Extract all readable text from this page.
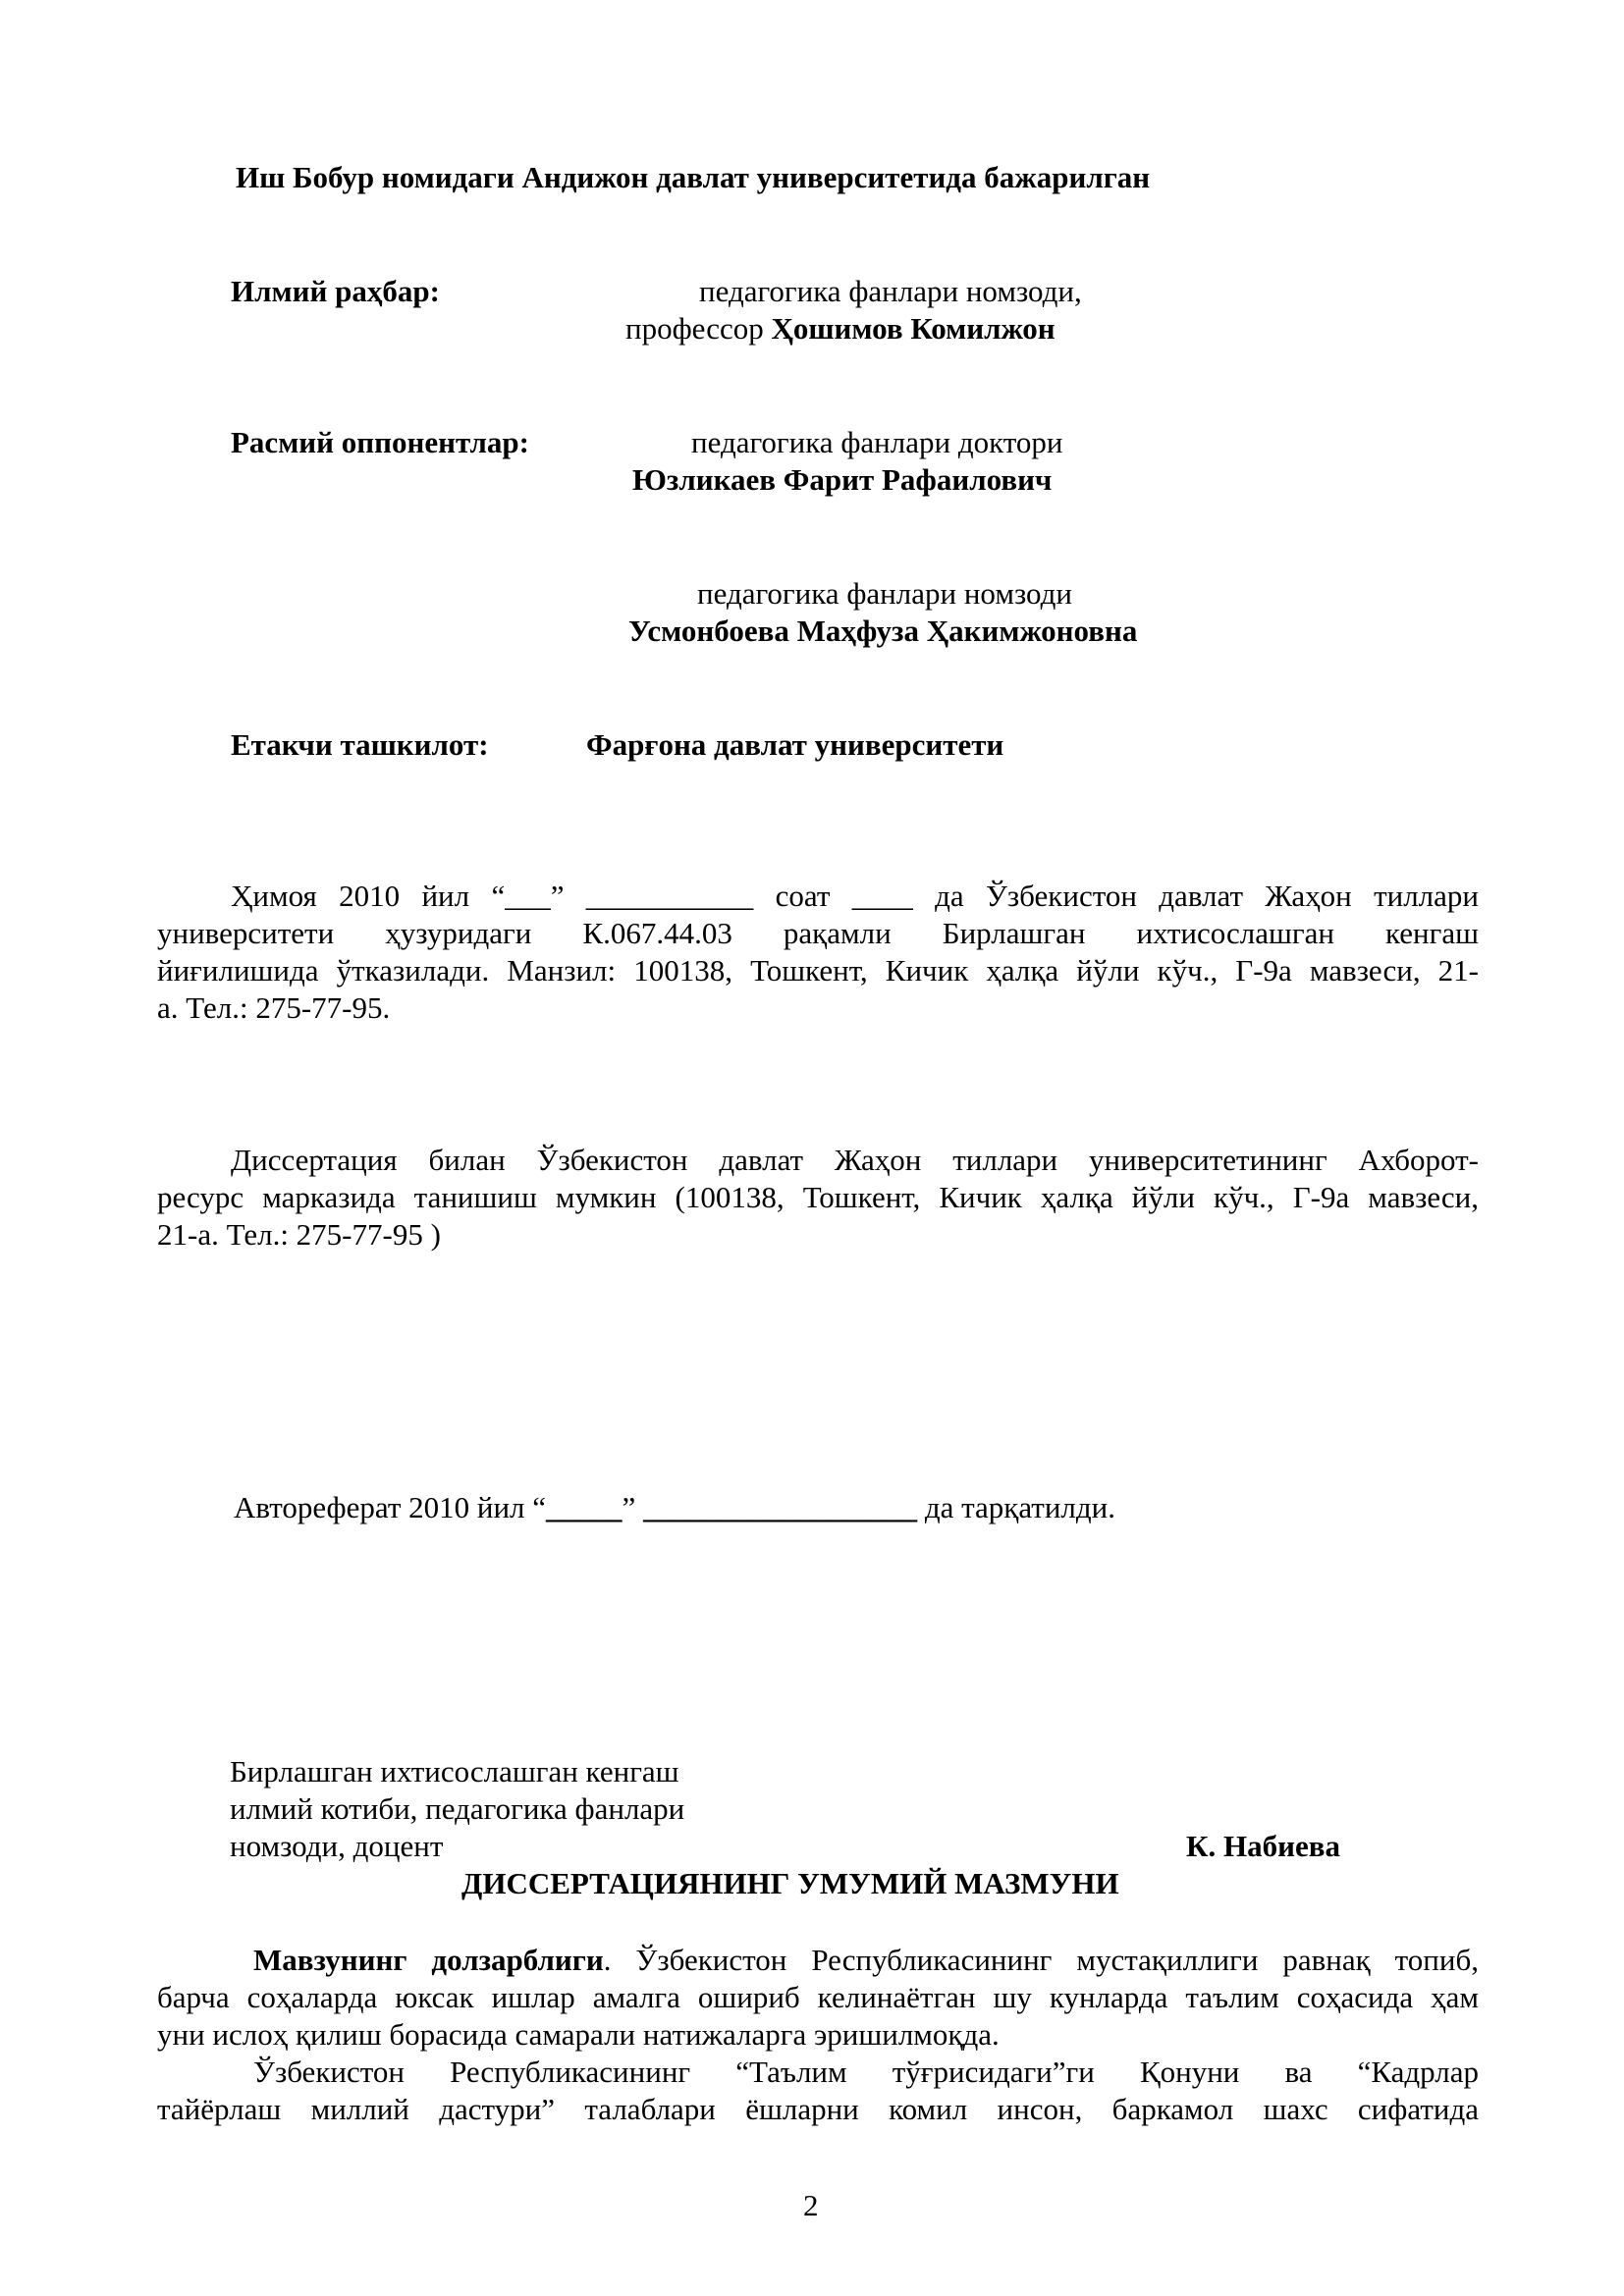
Иш Бобур номидаги Андижон давлат университетида бажарилган
Илмий раҳбар:	педагогика фанлари номзоди,
профессор Ҳошимов Комилжон
Расмий оппонентлар:	педагогика фанлари доктори
Юзликаев Фарит Рафаилович
педагогика фанлари номзоди
Усмонбоева Маҳфуза Ҳакимжоновна
Етакчи ташкилот:	Фарғона давлат университети
Ҳимоя 2010 йил “___” ___________ соат ____ да Ўзбекистон давлат Жаҳон тиллари
университети ҳузуридаги К.067.44.03 рақамли Бирлашган ихтисослашган кенгаш
йиғилишида ўтказилади. Манзил: 100138, Тошкент, Кичик ҳалқа йўли кўч., Г-9а мавзеси, 21-
а. Тел.: 275-77-95.
Диссертация билан Ўзбекистон давлат Жаҳон тиллари университетининг Ахборот-
ресурс марказида танишиш мумкин (100138, Тошкент, Кичик ҳалқа йўли кўч., Г-9а мавзеси,
21-а. Тел.: 275-77-95 )
Автореферат 2010 йил “_____” __________________ да тарқатилди.
Бирлашган ихтисослашган кенгаш
илмий котиби, педагогика фанлари
номзоди, доцент	К. Набиева
ДИССЕРТАЦИЯНИНГ УМУМИЙ МАЗМУНИ
Мавзунинг долзарблиги. Ўзбекистон Республикасининг мустақиллиги равнақ топиб,
барча соҳаларда юксак ишлар амалга ошириб келинаётган шу кунларда таълим соҳасида ҳам
уни ислоҳ қилиш борасида самарали натижаларга эришилмоқда.
Ўзбекистон Республикасининг “Таълим тўғрисидаги”ги Қонуни ва “Кадрлар
тайёрлаш миллий дастури” талаблари ёшларни комил инсон, баркамол шахс сифатида
2
